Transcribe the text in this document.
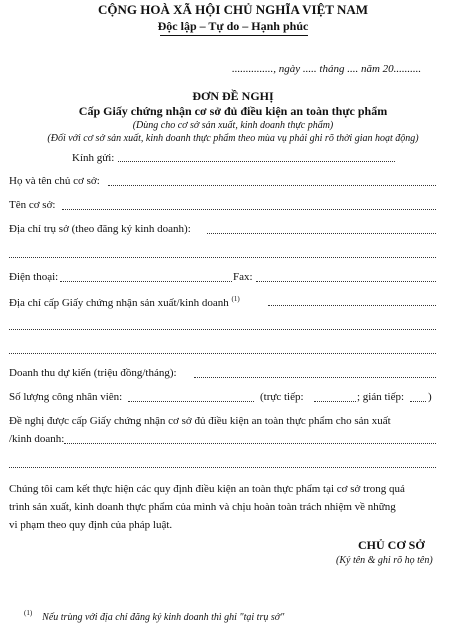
CỘNG HOÀ XÃ HỘI CHỦ NGHĨA VIỆT NAM
Độc lập – Tự do – Hạnh phúc
..............., ngày ..... tháng .... năm 20..........
ĐƠN ĐỀ NGHỊ
Cấp Giấy chứng nhận cơ sở đủ điều kiện an toàn thực phẩm
(Dùng cho cơ sở sản xuất, kinh doanh thực phẩm)
(Đối với cơ sở sản xuất, kinh doanh thực phẩm theo mùa vụ phải ghi rõ thời gian hoạt động)
Kính gửi:
Họ và tên chủ cơ sở:
Tên cơ sở:
Địa chỉ trụ sở (theo đăng ký kinh doanh):
Điện thoại:	Fax:
Địa chỉ cấp Giấy chứng nhận sản xuất/kinh doanh $^{(1)}$
Doanh thu dự kiến (triệu đồng/tháng):
Số lượng công nhân viên:	(trực tiếp:	; gián tiếp: )
Đề nghị được cấp Giấy chứng nhận cơ sở đủ điều kiện an toàn thực phẩm cho sản xuất
/kinh doanh:
Chúng tôi cam kết thực hiện các quy định điều kiện an toàn thực phẩm tại cơ sở trong quá
trình sản xuất, kinh doanh thực phẩm của mình và chịu hoàn toàn trách nhiệm về những
vi phạm theo quy định của pháp luật.
CHỦ CƠ SỞ
(Ký tên & ghi rõ họ tên)
$^{(1)}$ Nếu trùng với địa chỉ đăng ký kinh doanh thì ghi "tại trụ sở"
